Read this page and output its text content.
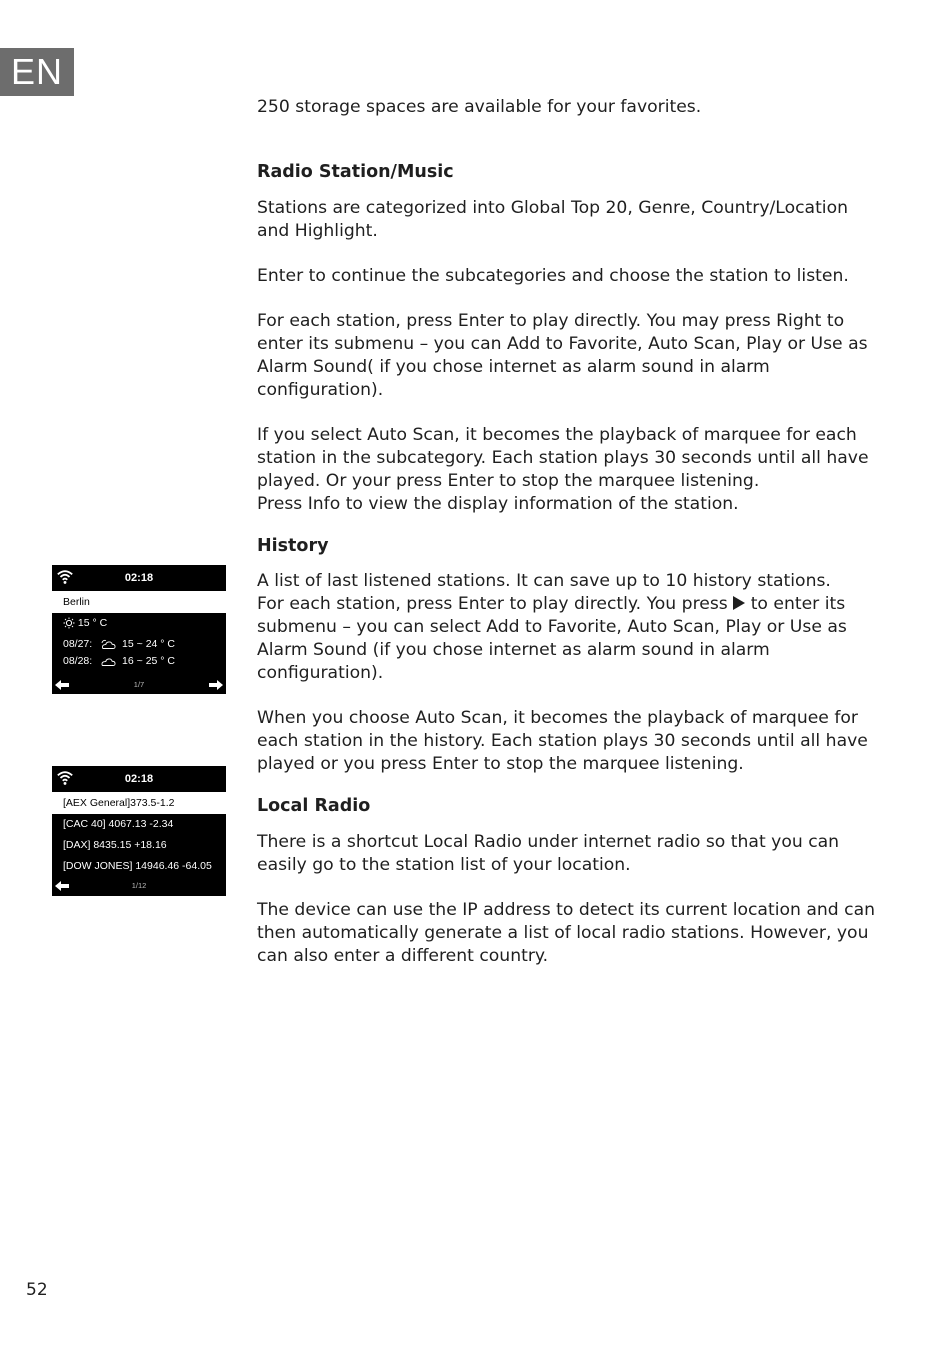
EN

250 storage spaces are available for your favorites.

Radio Station/Music

Stations are categorized into Global Top 20, Genre, Country/Location and Highlight.

Enter to continue the subcategories and choose the station to listen.

For each station, press Enter to play directly. You may press Right to enter its submenu – you can Add to Favorite, Auto Scan, Play or Use as Alarm Sound( if you chose internet as alarm sound in alarm configuration).

If you select Auto Scan, it becomes the playback of marquee for each station in the subcategory. Each station plays 30 seconds until all have played. Or your press Enter to stop the marquee listening.

Press Info to view the display information of the station.

History

A list of last listened stations. It can save up to 10 history stations.

For each station, press Enter to play directly. You press to enter its submenu – you can select Add to Favorite, Auto Scan, Play or Use as Alarm Sound (if you chose internet as alarm sound in alarm configuration).

When you choose Auto Scan, it becomes the playback of marquee for each station in the history. Each station plays 30 seconds until all have played or you press Enter to stop the marquee listening.

Local Radio

There is a shortcut Local Radio under internet radio so that you can easily go to the station list of your location.

The device can use the IP address to detect its current location and can then automatically generate a list of local radio stations. However, you can also enter a different country.

02:18
Berlin
15 ° C
08/27:	15 ~ 24 ° C
08/28:	16 ~ 25 ° C
1/7
02:18
[AEX General]373.5-1.2
[CAC 40] 4067.13 -2.34
[DAX] 8435.15 +18.16
[DOW JONES] 14946.46 -64.05
1/12
52
